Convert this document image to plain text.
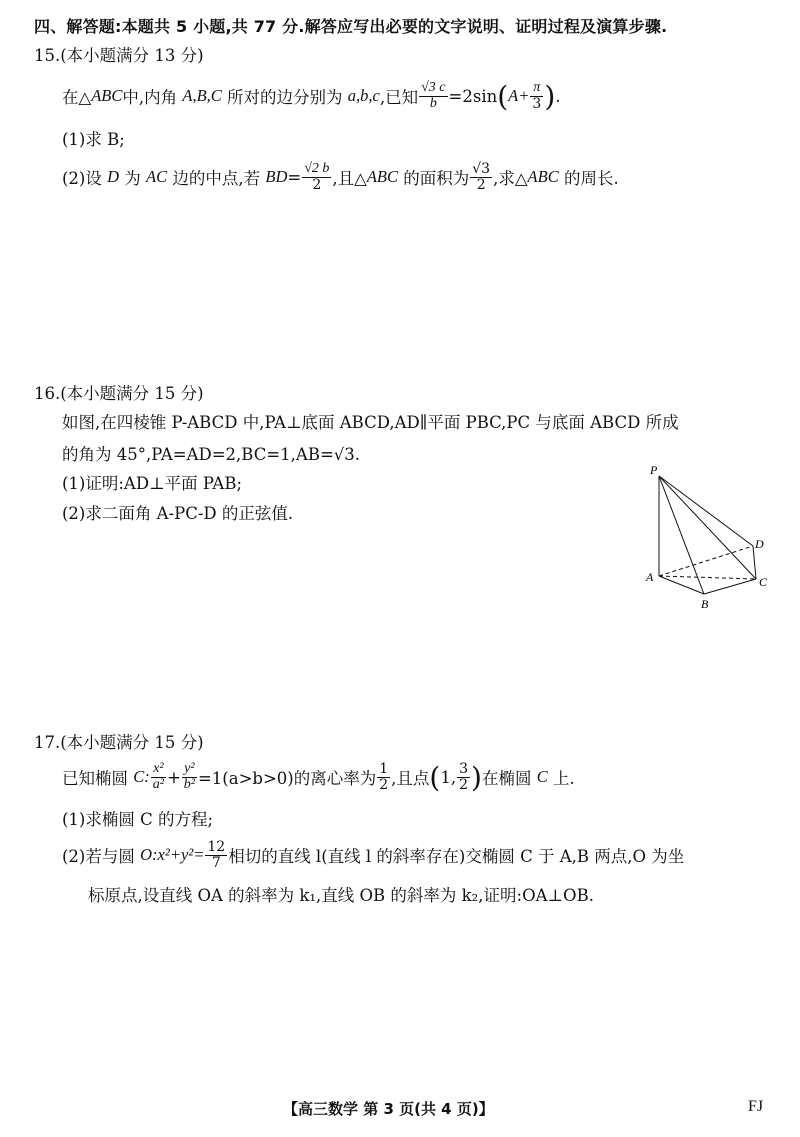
四、解答题:本题共 5 小题,共 77 分.解答应写出必要的文字说明、证明过程及演算步骤.
15.(本小题满分 13 分)
在△ ABC 中,内角
A,B,C
所对的边分别为
a,b,c ,已知 $\frac{√3 c}{b} =2\sin$ ( $A+ \frac{\pi}{3}$ ) .
(1)求 B;
(2)设
D
为
AC
边的中点,若
BD = $\frac{√2 b}{2}$ ,且△ ABC
的面积为 $\frac{√3}{2}$ ,求△ ABC
的周长.
16.(本小题满分 15 分)
如图,在四棱锥 P-ABCD 中,PA⊥底面 ABCD,AD∥平面 PBC,PC 与底面 ABCD 所成
的角为 45°,PA=AD=2,BC=1,AB=√3.
(1)证明:AD⊥平面 PAB;
(2)求二面角 A-PC-D 的正弦值.
P
D
A
B
C
17.(本小题满分 15 分)
已知椭圆
C: $\frac{\text{x²}}{\text{a²}} + \frac{\text{y²}}{\text{b²}} =1(a>b>0)$的离心率为 $\frac{1}{2}$ ,且点 ( 1, $\frac{3}{2}$ ) 在椭圆
C
上.
(1)求椭圆 C 的方程;
(2)若与圆
O:x²+y²= $\frac{12}{7}$ 相切的直线 l(直线 l 的斜率存在)交椭圆 C 于 A,B 两点,O 为坐
标原点,设直线 OA 的斜率为 k₁,直线 OB 的斜率为 k₂,证明:OA⊥OB.
【高三数学 第 3 页(共 4 页)】	FJ
